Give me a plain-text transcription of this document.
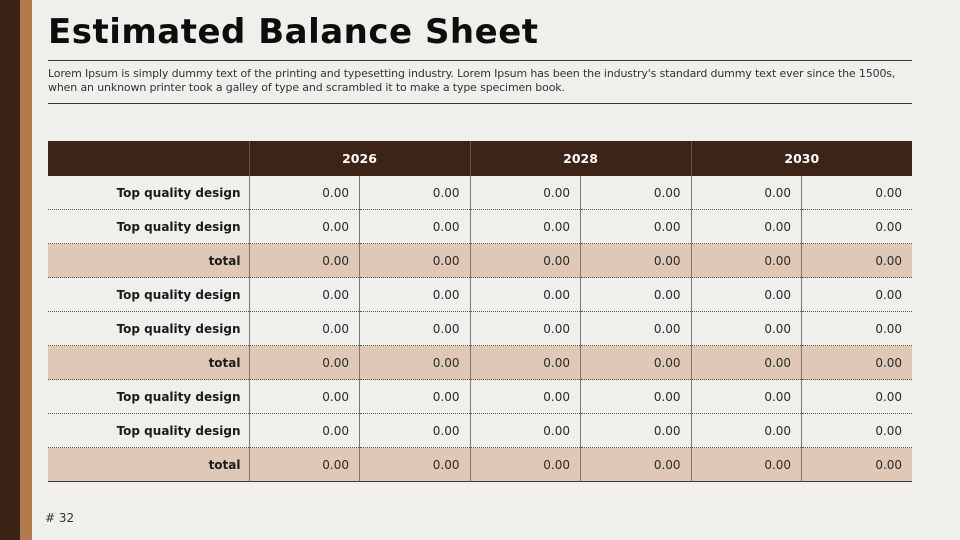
Estimated Balance Sheet
Lorem Ipsum is simply dummy text of the printing and typesetting industry. Lorem Ipsum has been the industry's standard dummy text ever since the 1500s, when an unknown printer took a galley of type and scrambled it to make a type specimen book.
	2026		2028		2030	
Top quality design	0.00	0.00	0.00	0.00	0.00	0.00
Top quality design	0.00	0.00	0.00	0.00	0.00	0.00
total	0.00	0.00	0.00	0.00	0.00	0.00
Top quality design	0.00	0.00	0.00	0.00	0.00	0.00
Top quality design	0.00	0.00	0.00	0.00	0.00	0.00
total	0.00	0.00	0.00	0.00	0.00	0.00
Top quality design	0.00	0.00	0.00	0.00	0.00	0.00
Top quality design	0.00	0.00	0.00	0.00	0.00	0.00
total	0.00	0.00	0.00	0.00	0.00	0.00
# 32
